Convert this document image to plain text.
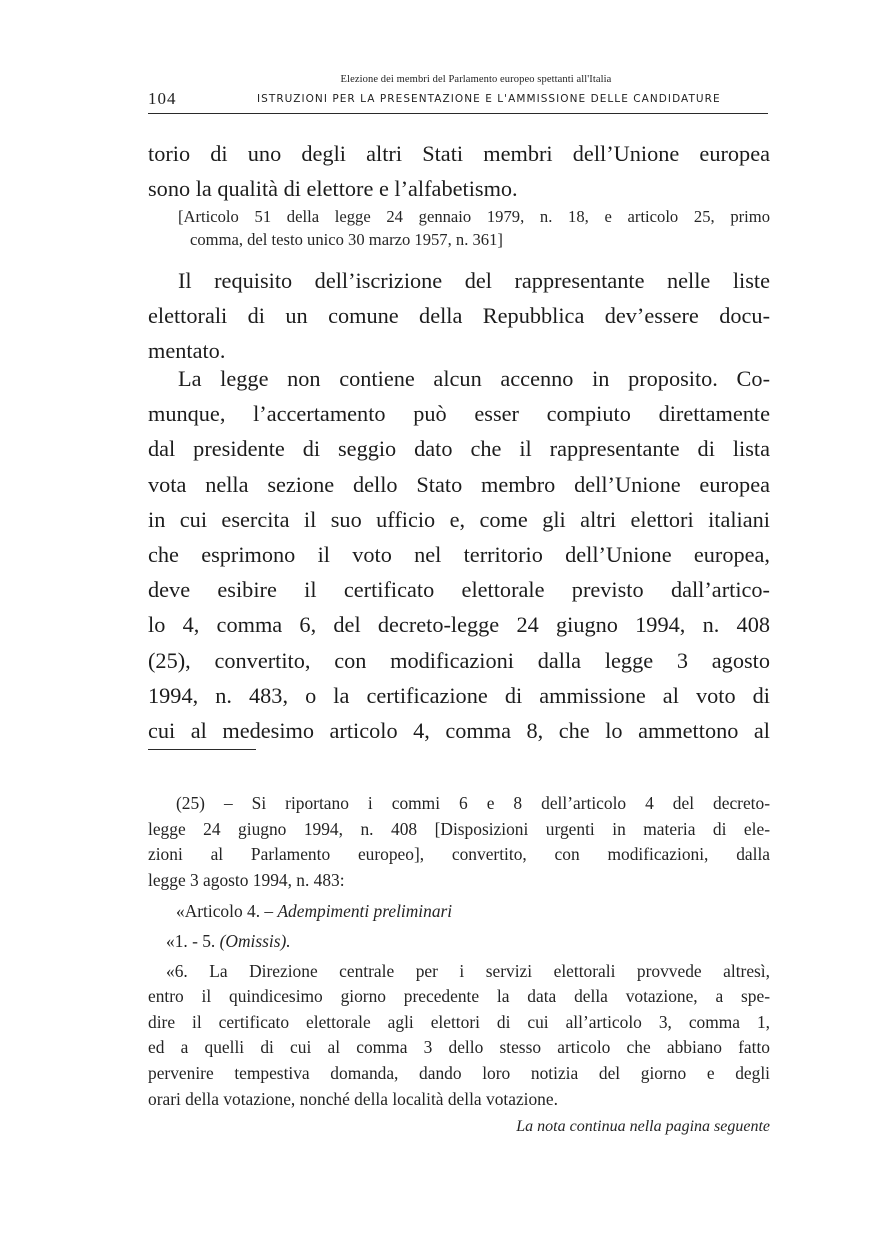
Elezione dei membri del Parlamento europeo spettanti all'Italia
104	ISTRUZIONI PER LA PRESENTAZIONE E L'AMMISSIONE DELLE CANDIDATURE

torio di uno degli altri Stati membri dell’Unione europea
sono la qualità di elettore e l’alfabetismo.

[Articolo 51 della legge 24 gennaio 1979, n. 18, e articolo 25, primo
comma, del testo unico 30 marzo 1957, n. 361]
Il requisito dell’iscrizione del rappresentante nelle liste
elettorali di un comune della Repubblica dev’essere docu-
mentato.
La legge non contiene alcun accenno in proposito. Co-
munque, l’accertamento può esser compiuto direttamente
dal presidente di seggio dato che il rappresentante di lista
vota nella sezione dello Stato membro dell’Unione europea
in cui esercita il suo ufficio e, come gli altri elettori italiani
che esprimono il voto nel territorio dell’Unione europea,
deve esibire il certificato elettorale previsto dall’artico-
lo 4, comma 6, del decreto-legge 24 giugno 1994, n. 408
(25), convertito, con modificazioni dalla legge 3 agosto
1994, n. 483, o la certificazione di ammissione al voto di
cui al medesimo articolo 4, comma 8, che lo ammettono al
(25) – Si riportano i commi 6 e 8 dell’articolo 4 del decreto-
legge 24 giugno 1994, n. 408 [Disposizioni urgenti in materia di ele-
zioni al Parlamento europeo], convertito, con modificazioni, dalla
legge 3 agosto 1994, n. 483:
«Articolo 4. – Adempimenti preliminari
«1. - 5. (Omissis).
«6. La Direzione centrale per i servizi elettorali provvede altresì,
entro il quindicesimo giorno precedente la data della votazione, a spe-
dire il certificato elettorale agli elettori di cui all’articolo 3, comma 1,
ed a quelli di cui al comma 3 dello stesso articolo che abbiano fatto
pervenire tempestiva domanda, dando loro notizia del giorno e degli
orari della votazione, nonché della località della votazione.
La nota continua nella pagina seguente
